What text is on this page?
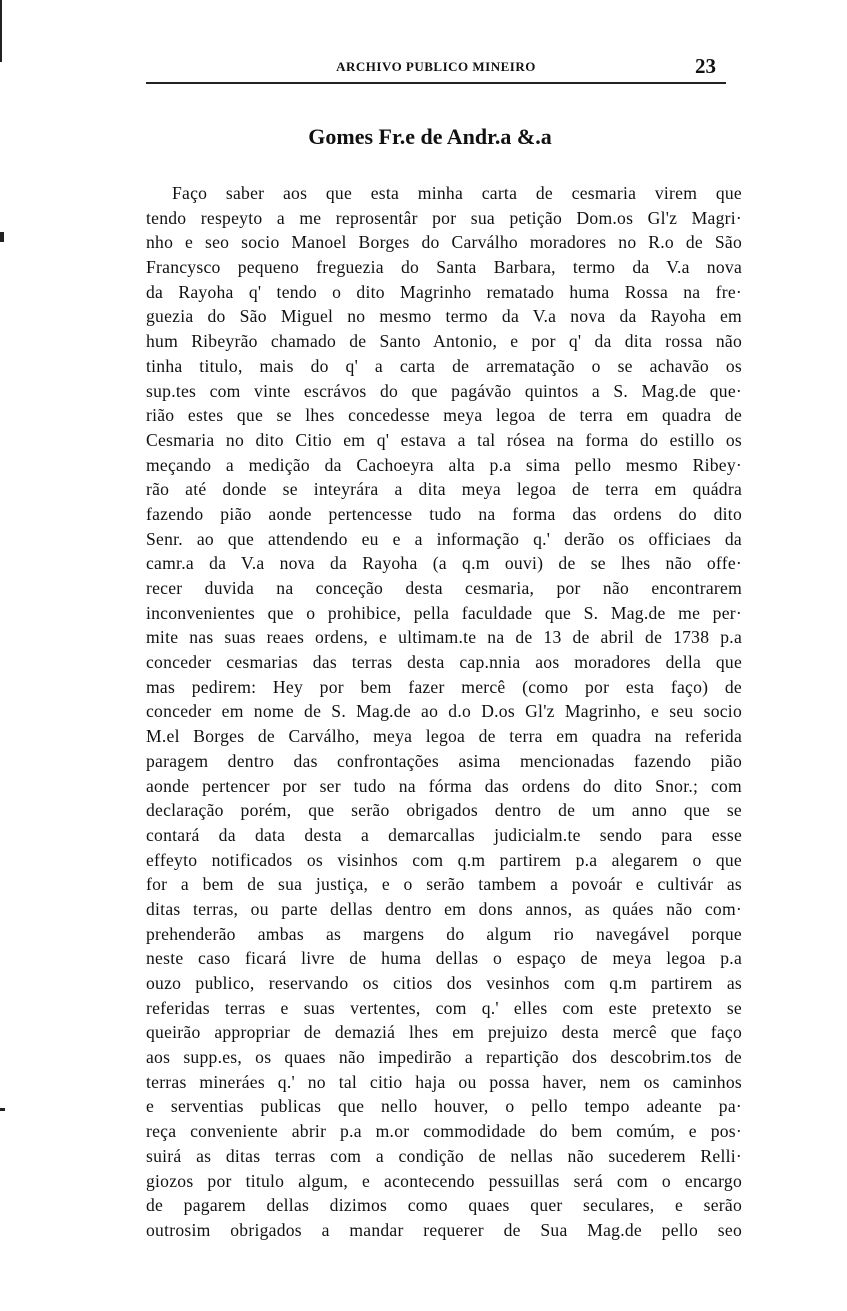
ARCHIVO PUBLICO MINEIRO	23
Gomes Fr.e de Andr.a &.a
Faço saber aos que esta minha carta de cesmaria virem que
tendo respeyto a me reprosentâr por sua petição Dom.os Gl'z Magri·
nho e seo socio Manoel Borges do Carválho moradores no R.o de São
Francysco pequeno freguezia do Santa Barbara, termo da V.a nova
da Rayoha q' tendo o dito Magrinho rematado huma Rossa na fre·
guezia do São Miguel no mesmo termo da V.a nova da Rayoha em
hum Ribeyrão chamado de Santo Antonio, e por q' da dita rossa não
tinha titulo, mais do q' a carta de arrematação o se achavão os
sup.tes com vinte escrávos do que pagávão quintos a S. Mag.de que·
rião estes que se lhes concedesse meya legoa de terra em quadra de
Cesmaria no dito Citio em q' estava a tal rósea na forma do estillo os
meçando a medição da Cachoeyra alta p.a sima pello mesmo Ribey·
rão até donde se inteyrára a dita meya legoa de terra em quádra
fazendo pião aonde pertencesse tudo na forma das ordens do dito
Senr. ao que attendendo eu e a informação q.' derão os officiaes da
camr.a da V.a nova da Rayoha (a q.m ouvi) de se lhes não offe·
recer duvida na conceção desta cesmaria, por não encontrarem
inconvenientes que o prohibice, pella faculdade que S. Mag.de me per·
mite nas suas reaes ordens, e ultimam.te na de 13 de abril de 1738 p.a
conceder cesmarias das terras desta cap.nnia aos moradores della que
mas pedirem: Hey por bem fazer mercê (como por esta faço) de
conceder em nome de S. Mag.de ao d.o D.os Gl'z Magrinho, e seu socio
M.el Borges de Carválho, meya legoa de terra em quadra na referida
paragem dentro das confrontações asima mencionadas fazendo pião
aonde pertencer por ser tudo na fórma das ordens do dito Snor.; com
declaração porém, que serão obrigados dentro de um anno que se
contará da data desta a demarcallas judicialm.te sendo para esse
effeyto notificados os visinhos com q.m partirem p.a alegarem o que
for a bem de sua justiça, e o serão tambem a povoár e cultivár as
ditas terras, ou parte dellas dentro em dons annos, as quáes não com·
prehenderão ambas as margens do algum rio navegável porque
neste caso ficará livre de huma dellas o espaço de meya legoa p.a
ouzo publico, reservando os citios dos vesinhos com q.m partirem as
referidas terras e suas vertentes, com q.' elles com este pretexto se
queirão appropriar de demaziá lhes em prejuizo desta mercê que faço
aos supp.es, os quaes não impedirão a repartição dos descobrim.tos de
terras mineráes q.' no tal citio haja ou possa haver, nem os caminhos
e serventias publicas que nello houver, o pello tempo adeante pa·
reça conveniente abrir p.a m.or commodidade do bem comúm, e pos·
suirá as ditas terras com a condição de nellas não sucederem Relli·
giozos por titulo algum, e acontecendo pessuillas será com o encargo
de pagarem dellas dizimos como quaes quer seculares, e serão
outrosim obrigados a mandar requerer de Sua Mag.de pello seo
